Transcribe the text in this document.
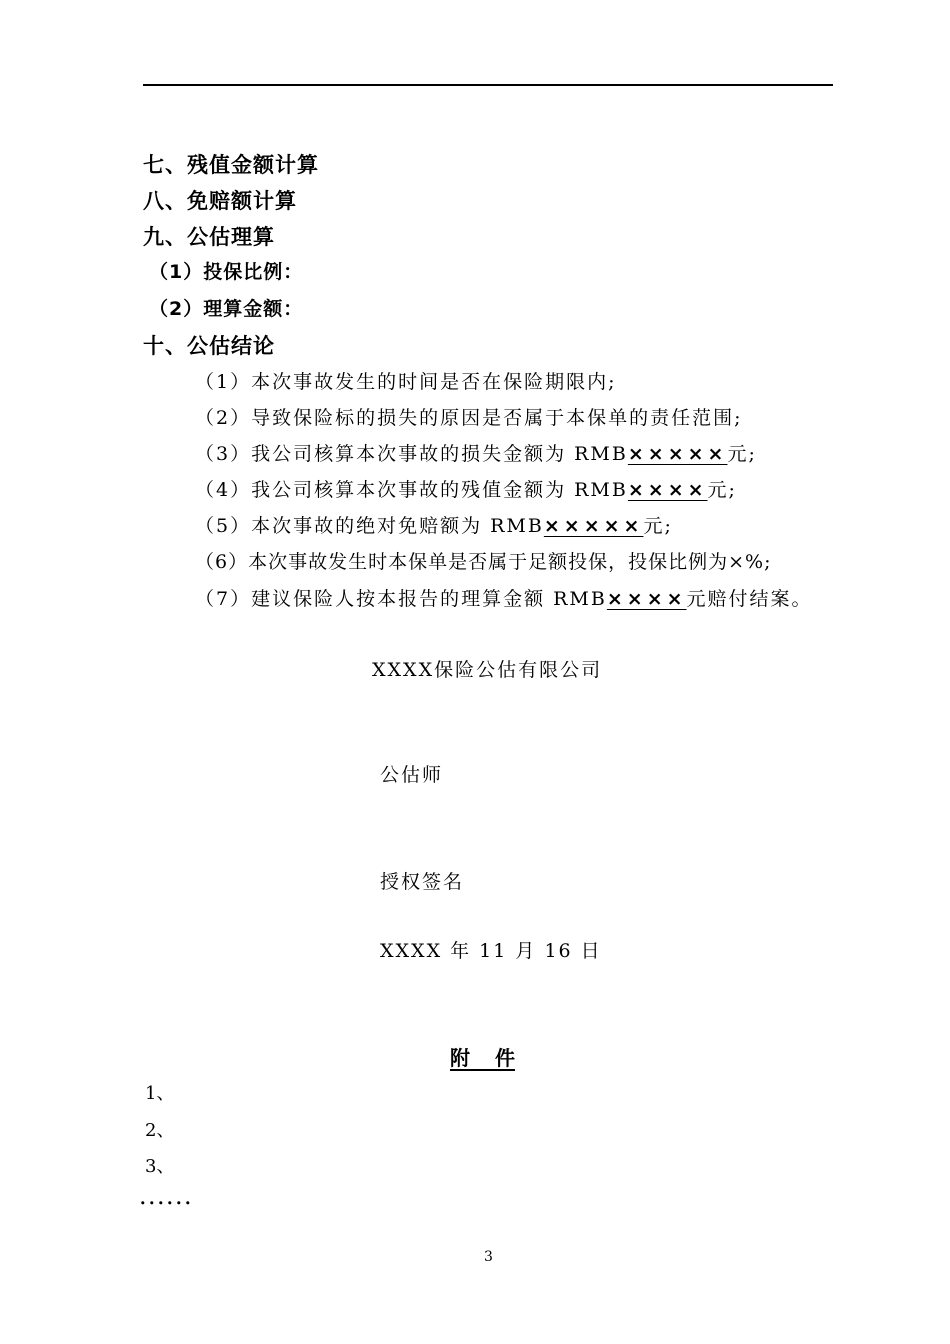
七、残值金额计算
八、免赔额计算
九、公估理算
（1）投保比例：
（2）理算金额：
十、公估结论
（1）本次事故发生的时间是否在保险期限内;
（2）导致保险标的损失的原因是否属于本保单的责任范围;
（3）我公司核算本次事故的损失金额为 RMB×××××元;
（4）我公司核算本次事故的残值金额为 RMB××××元;
（5）本次事故的绝对免赔额为 RMB×××××元;
（6）本次事故发生时本保单是否属于足额投保，投保比例为×%;
（7）建议保险人按本报告的理算金额 RMB××××元赔付结案。
XXXX保险公估有限公司
公估师
授权签名
XXXX 年 11 月 16 日
附 件
1、
2、
3、
．．．．．．
3
